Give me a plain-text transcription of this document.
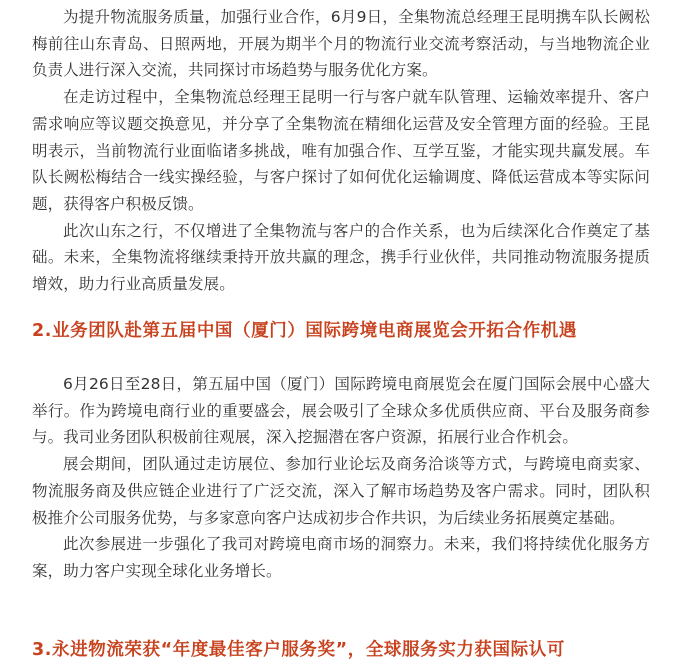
为提升物流服务质量，加强行业合作，6月9日，全集物流总经理王昆明携车队长阙松梅前往山东青岛、日照两地，开展为期半个月的物流行业交流考察活动，与当地物流企业负责人进行深入交流，共同探讨市场趋势与服务优化方案。

在走访过程中，全集物流总经理王昆明一行与客户就车队管理、运输效率提升、客户需求响应等议题交换意见，并分享了全集物流在精细化运营及安全管理方面的经验。王昆明表示，当前物流行业面临诸多挑战，唯有加强合作、互学互鉴，才能实现共赢发展。车队长阙松梅结合一线实操经验，与客户探讨了如何优化运输调度、降低运营成本等实际问题，获得客户积极反馈。

此次山东之行，不仅增进了全集物流与客户的合作关系，也为后续深化合作奠定了基础。未来，全集物流将继续秉持开放共赢的理念，携手行业伙伴，共同推动物流服务提质增效，助力行业高质量发展。

2.业务团队赴第五届中国（厦门）国际跨境电商展览会开拓合作机遇

6月26日至28日，第五届中国（厦门）国际跨境电商展览会在厦门国际会展中心盛大举行。作为跨境电商行业的重要盛会，展会吸引了全球众多优质供应商、平台及服务商参与。我司业务团队积极前往观展，深入挖掘潜在客户资源，拓展行业合作机会。

展会期间，团队通过走访展位、参加行业论坛及商务洽谈等方式，与跨境电商卖家、物流服务商及供应链企业进行了广泛交流，深入了解市场趋势及客户需求。同时，团队积极推介公司服务优势，与多家意向客户达成初步合作共识，为后续业务拓展奠定基础。

此次参展进一步强化了我司对跨境电商市场的洞察力。未来，我们将持续优化服务方案，助力客户实现全球化业务增长。

3.永进物流荣获“年度最佳客户服务奖”，全球服务实力获国际认可
